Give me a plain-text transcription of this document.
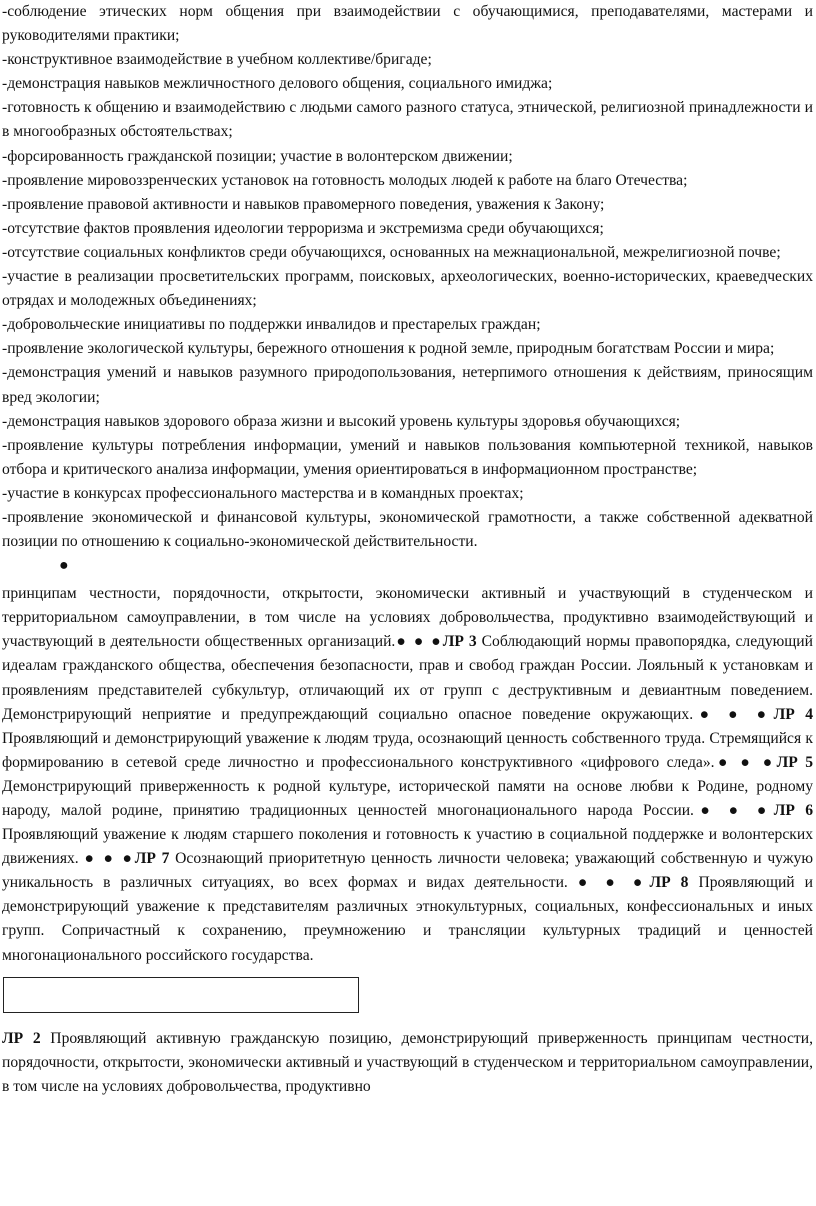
-соблюдение этических норм общения при взаимодействии с обучающимися, преподавателями, мастерами и руководителями практики;

-конструктивное взаимодействие в учебном коллективе/бригаде;

-демонстрация навыков межличностного делового общения, социального имиджа;

-готовность к общению и взаимодействию с людьми самого разного статуса, этнической, религиозной принадлежности и в многообразных обстоятельствах;

-форсированность гражданской позиции; участие в волонтерском движении;

-проявление мировоззренческих установок на готовность молодых людей к работе на благо Отечества;

-проявление правовой активности и навыков правомерного поведения, уважения к Закону;

-отсутствие фактов проявления идеологии терроризма и экстремизма среди обучающихся;

-отсутствие социальных конфликтов среди обучающихся, основанных на межнациональной, межрелигиозной почве;

-участие в реализации просветительских программ, поисковых, археологических, военно-исторических, краеведческих отрядах и молодежных объединениях;

-добровольческие инициативы по поддержки инвалидов и престарелых граждан;

-проявление экологической культуры, бережного отношения к родной земле, природным богатствам России и мира;

-демонстрация умений и навыков разумного природопользования, нетерпимого отношения к действиям, приносящим вред экологии;

-демонстрация навыков здорового образа жизни и высокий уровень культуры здоровья обучающихся;

-проявление культуры потребления информации, умений и навыков пользования компьютерной техникой, навыков отбора и критического анализа информации, умения ориентироваться в информационном пространстве;

-участие в конкурсах профессионального мастерства и в командных проектах;

-проявление экономической и финансовой культуры, экономической грамотности, а также собственной адекватной позиции по отношению к социально-экономической действительности.

●

принципам честности, порядочности, открытости, экономически активный и участвующий в студенческом и территориальном самоуправлении, в том числе на условиях добровольчества, продуктивно взаимодействующий и участвующий в деятельности общественных организаций.● ● ●ЛР 3 Соблюдающий нормы правопорядка, следующий идеалам гражданского общества, обеспечения безопасности, прав и свобод граждан России. Лояльный к установкам и проявлениям представителей субкультур, отличающий их от групп с деструктивным и девиантным поведением. Демонстрирующий неприятие и предупреждающий социально опасное поведение окружающих.● ● ●ЛР 4 Проявляющий и демонстрирующий уважение к людям труда, осознающий ценность собственного труда. Стремящийся к формированию в сетевой среде личностно и профессионального конструктивного «цифрового следа».● ● ●ЛР 5 Демонстрирующий приверженность к родной культуре, исторической памяти на основе любви к Родине, родному народу, малой родине, принятию традиционных ценностей многонационального народа России.● ● ●ЛР 6 Проявляющий уважение к людям старшего поколения и готовность к участию в социальной поддержке и волонтерских движениях. ● ● ●ЛР 7 Осознающий приоритетную ценность личности человека; уважающий собственную и чужую уникальность в различных ситуациях, во всех формах и видах деятельности. ● ● ●ЛР 8 Проявляющий и демонстрирующий уважение к представителям различных этнокультурных, социальных, конфессиональных и иных групп. Сопричастный к сохранению, преумножению и трансляции культурных традиций и ценностей многонационального российского государства.

ЛР 2 Проявляющий активную гражданскую позицию, демонстрирующий приверженность принципам честности, порядочности, открытости, экономически активный и участвующий в студенческом и территориальном самоуправлении, в том числе на условиях добровольчества, продуктивно
